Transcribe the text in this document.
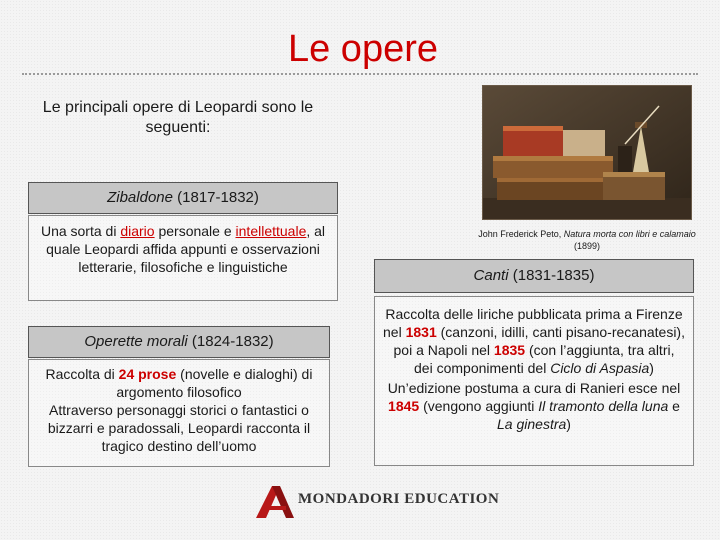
Le opere
Le principali opere di Leopardi sono le seguenti:
Zibaldone (1817-1832)
Una sorta di diario personale e intellettuale, al quale Leopardi affida appunti e osservazioni letterarie, filosofiche e linguistiche
Operette morali (1824-1832)
Raccolta di 24 prose (novelle e dialoghi) di argomento filosofico
Attraverso personaggi storici o fantastici o bizzarri e paradossali, Leopardi racconta il tragico destino dell’uomo
John Frederick Peto, Natura morta con libri e calamaio (1899)
Canti (1831-1835)
Raccolta delle liriche pubblicata prima a Firenze nel 1831 (canzoni, idilli, canti pisano-recanatesi), poi a Napoli nel 1835 (con l’aggiunta, tra altri, dei componimenti del Ciclo di Aspasia)
Un’edizione postuma a cura di Ranieri esce nel 1845 (vengono aggiunti Il tramonto della luna e La ginestra)
MONDADORI EDUCATION
